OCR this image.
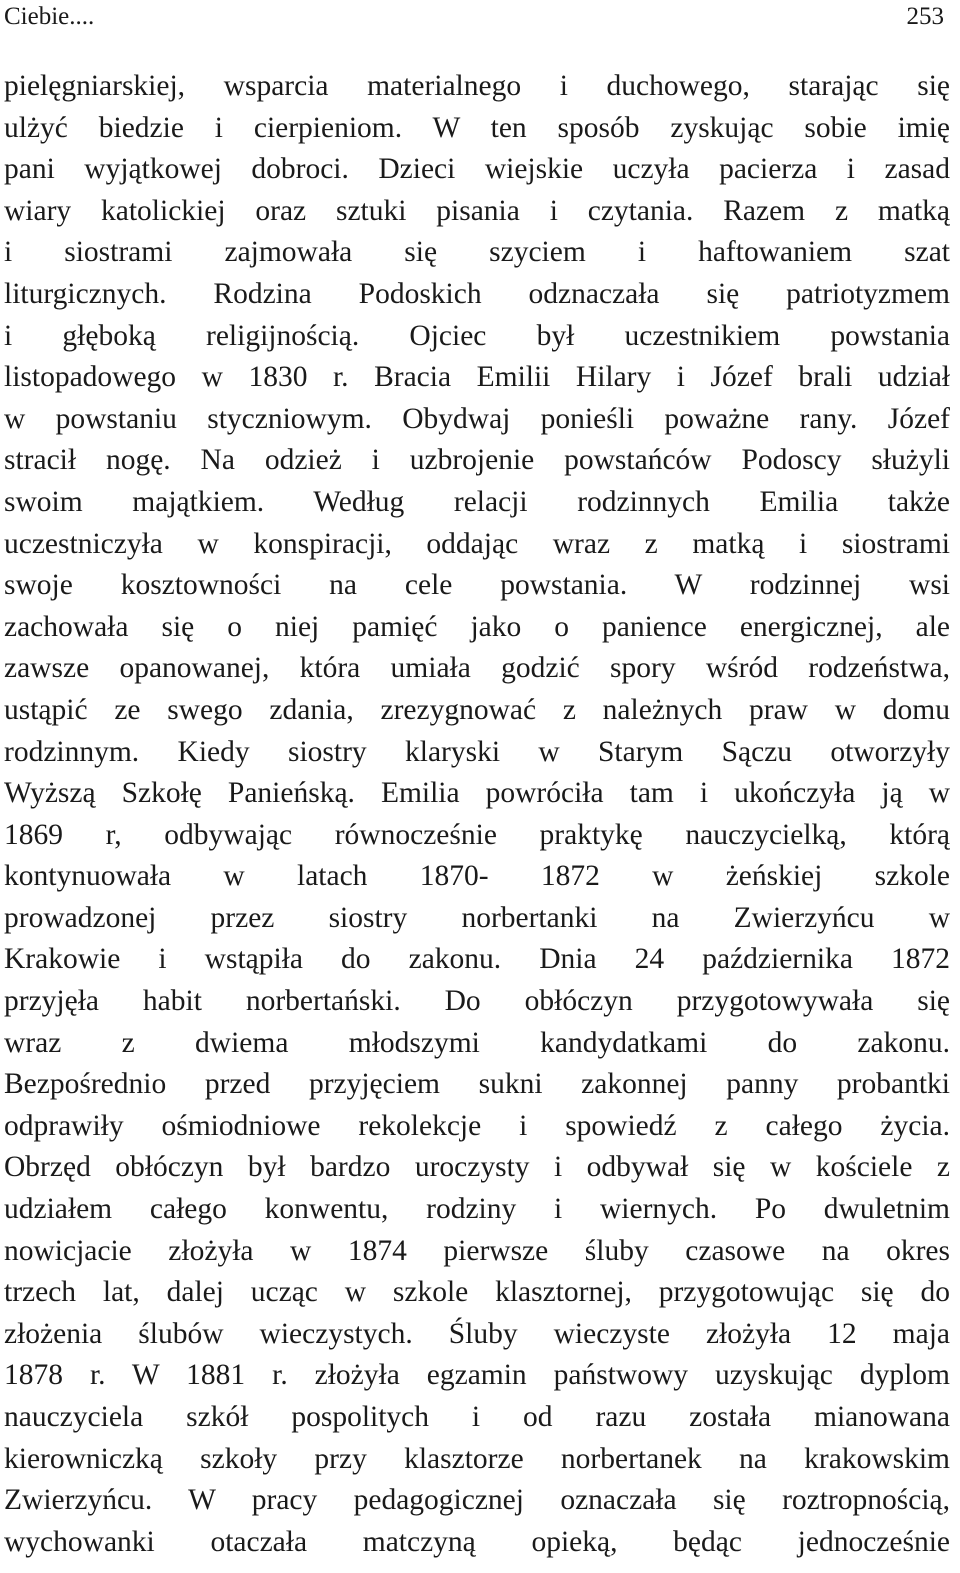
Ciebie....	253
pielęgniarskiej, wsparcia materialnego i duchowego, starając się
ulżyć biedzie i cierpieniom. W ten sposób zyskując sobie imię
pani wyjątkowej dobroci. Dzieci wiejskie uczyła pacierza i zasad
wiary katolickiej oraz sztuki pisania i czytania. Razem z matką
i siostrami zajmowała się szyciem i haftowaniem szat
liturgicznych. Rodzina Podoskich odznaczała się patriotyzmem
i głęboką religijnością. Ojciec był uczestnikiem powstania
listopadowego w 1830 r. Bracia Emilii Hilary i Józef brali udział
w powstaniu styczniowym. Obydwaj ponieśli poważne rany. Józef
stracił nogę. Na odzież i uzbrojenie powstańców Podoscy służyli
swoim majątkiem. Według relacji rodzinnych Emilia także
uczestniczyła w konspiracji, oddając wraz z matką i siostrami
swoje kosztowności na cele powstania. W rodzinnej wsi
zachowała się o niej pamięć jako o panience energicznej, ale
zawsze opanowanej, która umiała godzić spory wśród rodzeństwa,
ustąpić ze swego zdania, zrezygnować z należnych praw w domu
rodzinnym. Kiedy siostry klaryski w Starym Sączu otworzyły
Wyższą Szkołę Panieńską. Emilia powróciła tam i ukończyła ją w
1869 r, odbywając równocześnie praktykę nauczycielką, którą
kontynuowała w latach 1870- 1872 w żeńskiej szkole
prowadzonej przez siostry norbertanki na Zwierzyńcu w
Krakowie i wstąpiła do zakonu. Dnia 24 października 1872
przyjęła habit norbertański. Do obłóczyn przygotowywała się
wraz z dwiema młodszymi kandydatkami do zakonu.
Bezpośrednio przed przyjęciem sukni zakonnej panny probantki
odprawiły ośmiodniowe rekolekcje i spowiedź z całego życia.
Obrzęd obłóczyn był bardzo uroczysty i odbywał się w kościele z
udziałem całego konwentu, rodziny i wiernych. Po dwuletnim
nowicjacie złożyła w 1874 pierwsze śluby czasowe na okres
trzech lat, dalej ucząc w szkole klasztornej, przygotowując się do
złożenia ślubów wieczystych. Śluby wieczyste złożyła 12 maja
1878 r. W 1881 r. złożyła egzamin państwowy uzyskując dyplom
nauczyciela szkół pospolitych i od razu została mianowana
kierowniczką szkoły przy klasztorze norbertanek na krakowskim
Zwierzyńcu. W pracy pedagogicznej oznaczała się roztropnością,
wychowanki otaczała matczyną opieką, będąc jednocześnie
